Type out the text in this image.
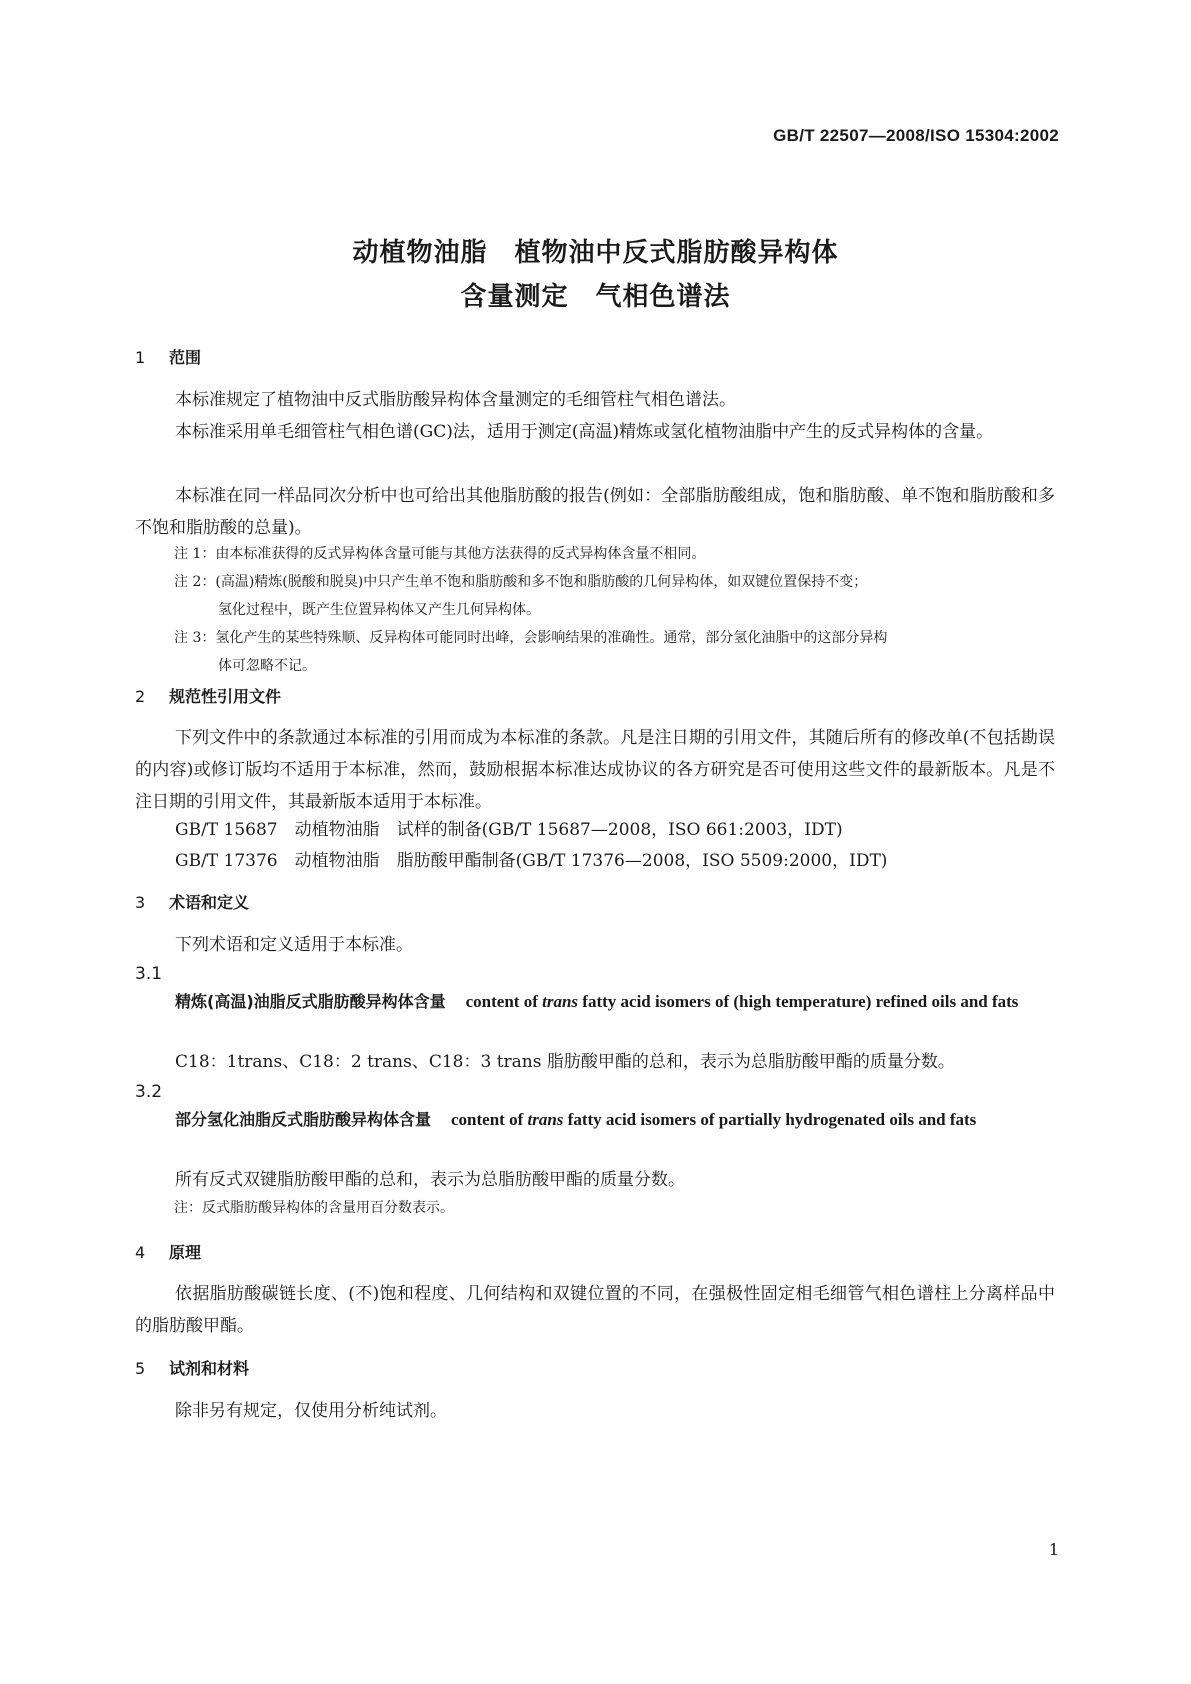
GB/T 22507—2008/ISO 15304:2002
动植物油脂　植物油中反式脂肪酸异构体
含量测定　气相色谱法
1 范围
本标准规定了植物油中反式脂肪酸异构体含量测定的毛细管柱气相色谱法。
本标准采用单毛细管柱气相色谱(GC)法，适用于测定(高温)精炼或氢化植物油脂中产生的反式异构体的含量。
本标准在同一样品同次分析中也可给出其他脂肪酸的报告(例如：全部脂肪酸组成，饱和脂肪酸、单不饱和脂肪酸和多不饱和脂肪酸的总量)。
注 1：由本标准获得的反式异构体含量可能与其他方法获得的反式异构体含量不相同。
注 2：(高温)精炼(脱酸和脱臭)中只产生单不饱和脂肪酸和多不饱和脂肪酸的几何异构体，如双键位置保持不变；
氢化过程中，既产生位置异构体又产生几何异构体。
注 3：氢化产生的某些特殊顺、反异构体可能同时出峰，会影响结果的准确性。通常，部分氢化油脂中的这部分异构
体可忽略不记。
2 规范性引用文件
下列文件中的条款通过本标准的引用而成为本标准的条款。凡是注日期的引用文件，其随后所有的修改单(不包括勘误的内容)或修订版均不适用于本标准，然而，鼓励根据本标准达成协议的各方研究是否可使用这些文件的最新版本。凡是不注日期的引用文件，其最新版本适用于本标准。
GB/T 15687　动植物油脂　试样的制备(GB/T 15687—2008，ISO 661:2003，IDT)
GB/T 17376　动植物油脂　脂肪酸甲酯制备(GB/T 17376—2008，ISO 5509:2000，IDT)
3 术语和定义
下列术语和定义适用于本标准。
3.1
精炼(高温)油脂反式脂肪酸异构体含量 content of trans fatty acid isomers of (high temperature) refined oils and fats
C18：1trans、C18：2 trans、C18：3 trans 脂肪酸甲酯的总和，表示为总脂肪酸甲酯的质量分数。
3.2
部分氢化油脂反式脂肪酸异构体含量 content of trans fatty acid isomers of partially hydrogenated oils and fats
所有反式双键脂肪酸甲酯的总和，表示为总脂肪酸甲酯的质量分数。
注：反式脂肪酸异构体的含量用百分数表示。
4 原理
依据脂肪酸碳链长度、(不)饱和程度、几何结构和双键位置的不同，在强极性固定相毛细管气相色谱柱上分离样品中的脂肪酸甲酯。
5 试剂和材料
除非另有规定，仅使用分析纯试剂。
1
